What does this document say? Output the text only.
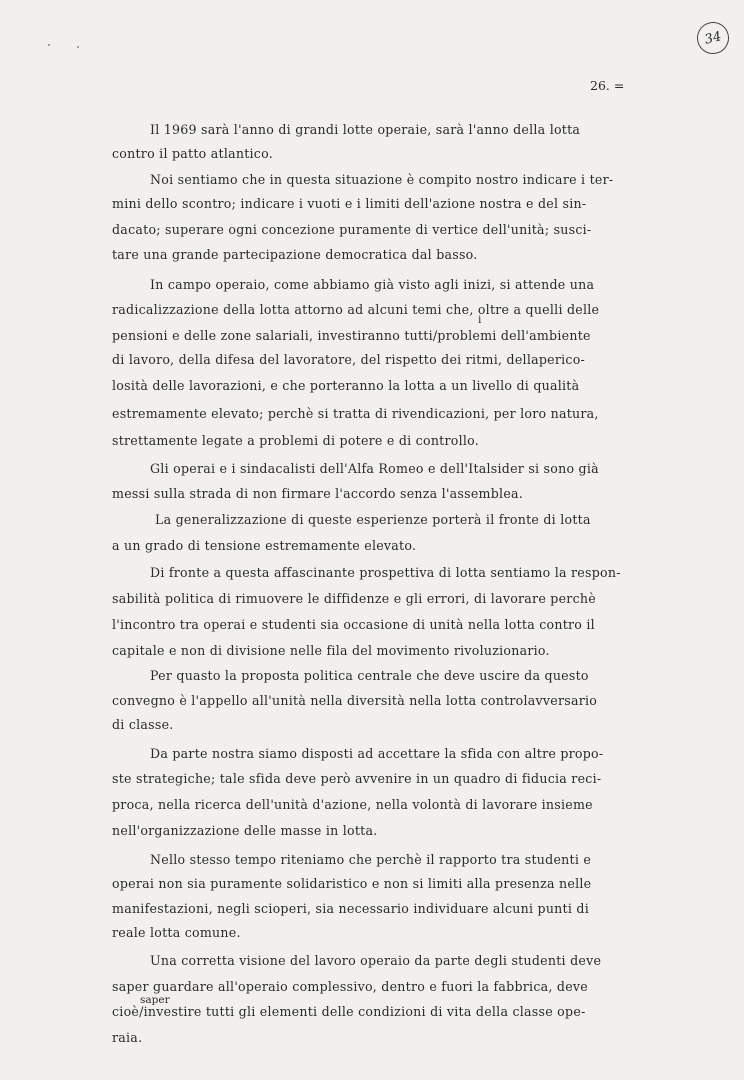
34
26. =
Il 1969 sarà l'anno di grandi lotte operaie, sarà l'anno della lotta
contro il patto atlantico.
Noi sentiamo che in questa situazione è compito nostro indicare i ter-
mini dello scontro; indicare i vuoti e i limiti dell'azione nostra e del sin-
dacato; superare ogni concezione puramente di vertice dell'unità; susci-
tare una grande partecipazione democratica dal basso.
In campo operaio, come abbiamo già visto agli inizi, si attende una
radicalizzazione della lotta attorno ad alcuni temi che, oltre a quelli delle
i
pensioni e delle zone salariali, investiranno tutti/problemi dell'ambiente
di lavoro, della difesa del lavoratore, del rispetto dei ritmi, dellaperico-
losità delle lavorazioni, e che porteranno la lotta a un livello di qualità
estremamente elevato; perchè si tratta di rivendicazioni, per loro natura,
strettamente legate a problemi di potere e di controllo.
Gli operai e i sindacalisti dell'Alfa Romeo e dell'Italsider si sono già
messi sulla strada di non firmare l'accordo senza l'assemblea.
La generalizzazione di queste esperienze porterà il fronte di lotta
a un grado di tensione estremamente elevato.
Di fronte a questa affascinante prospettiva di lotta sentiamo la respon-
sabilità politica di rimuovere le diffidenze e gli errori, di lavorare perchè
l'incontro tra operai e studenti sia occasione di unità nella lotta contro il
capitale e non di divisione nelle fila del movimento rivoluzionario.
Per quasto la proposta politica centrale che deve uscire da questo
convegno è l'appello all'unità nella diversità nella lotta controlavversario
di classe.
Da parte nostra siamo disposti ad accettare la sfida con altre propo-
ste strategiche; tale sfida deve però avvenire in un quadro di fiducia reci-
proca, nella ricerca dell'unità d'azione, nella volontà di lavorare insieme
nell'organizzazione delle masse in lotta.
Nello stesso tempo riteniamo che perchè il rapporto tra studenti e
operai non sia puramente solidaristico e non si limiti alla presenza nelle
manifestazioni, negli scioperi, sia necessario individuare alcuni punti di
reale lotta comune.
Una corretta visione del lavoro operaio da parte degli studenti deve
saper guardare all'operaio complessivo, dentro e fuori la fabbrica, deve
saper
cioè/investire tutti gli elementi delle condizioni di vita della classe ope-
raia.
